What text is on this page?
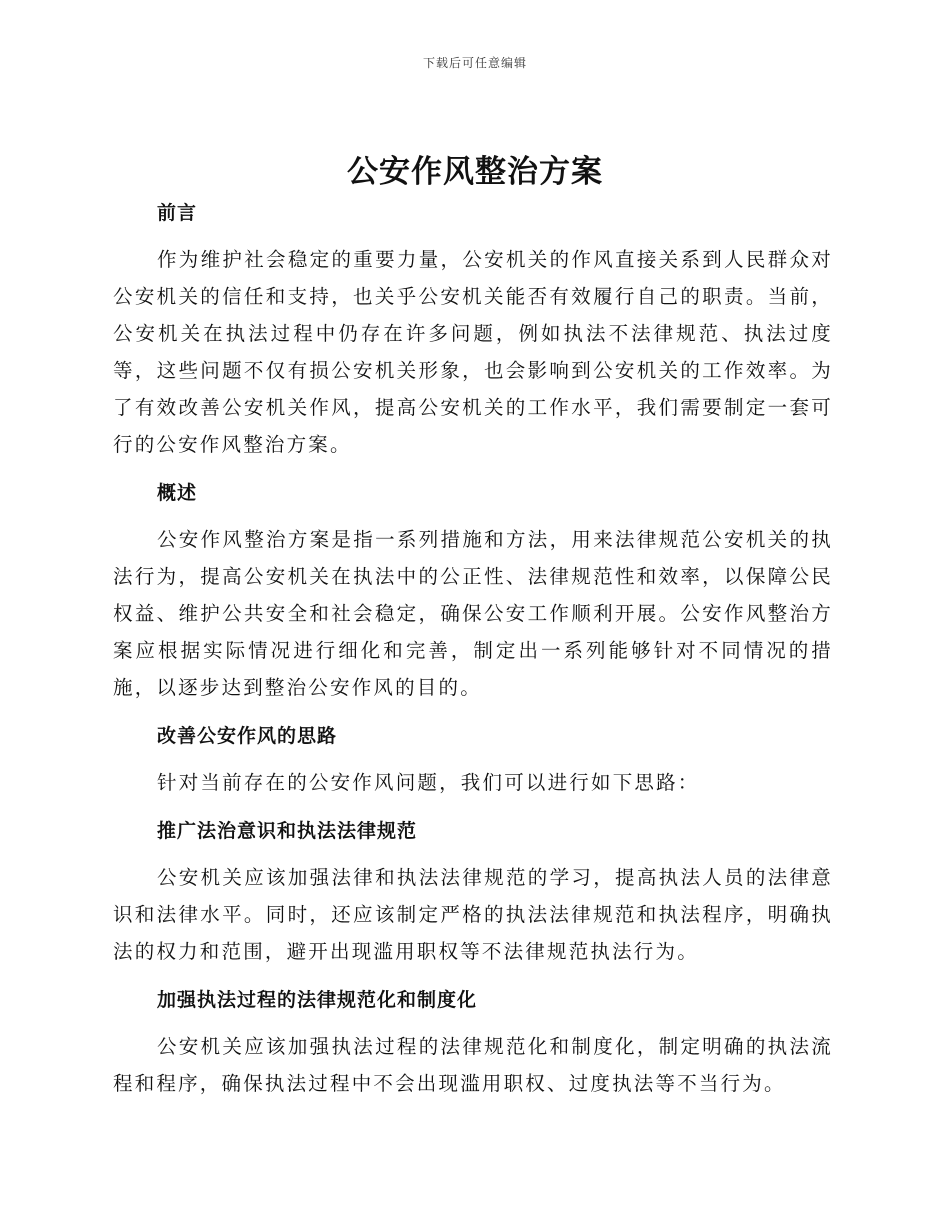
下载后可任意编辑
公安作风整治方案

前言

作为维护社会稳定的重要力量，公安机关的作风直接关系到人民群众对公安机关的信任和支持，也关乎公安机关能否有效履行自己的职责。当前，公安机关在执法过程中仍存在许多问题，例如执法不法律规范、执法过度等，这些问题不仅有损公安机关形象，也会影响到公安机关的工作效率。为了有效改善公安机关作风，提高公安机关的工作水平，我们需要制定一套可行的公安作风整治方案。

概述

公安作风整治方案是指一系列措施和方法，用来法律规范公安机关的执法行为，提高公安机关在执法中的公正性、法律规范性和效率，以保障公民权益、维护公共安全和社会稳定，确保公安工作顺利开展。公安作风整治方案应根据实际情况进行细化和完善，制定出一系列能够针对不同情况的措施，以逐步达到整治公安作风的目的。

改善公安作风的思路

针对当前存在的公安作风问题，我们可以进行如下思路：

推广法治意识和执法法律规范

公安机关应该加强法律和执法法律规范的学习，提高执法人员的法律意识和法律水平。同时，还应该制定严格的执法法律规范和执法程序，明确执法的权力和范围，避开出现滥用职权等不法律规范执法行为。

加强执法过程的法律规范化和制度化

公安机关应该加强执法过程的法律规范化和制度化，制定明确的执法流程和程序，确保执法过程中不会出现滥用职权、过度执法等不当行为。
